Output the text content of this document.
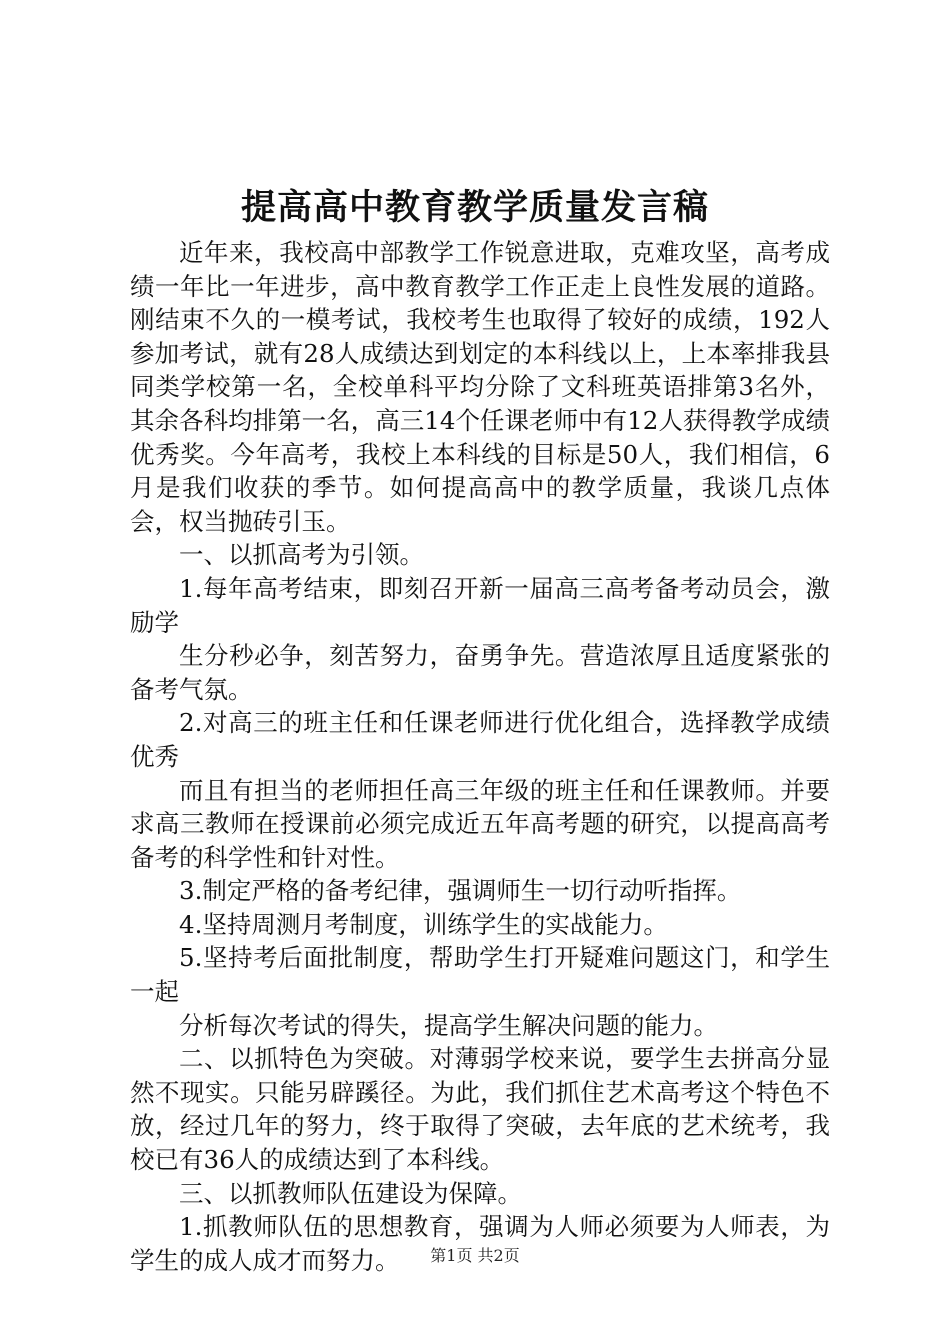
提高高中教育教学质量发言稿

近年来，我校高中部教学工作锐意进取，克难攻坚，高考成绩一年比一年进步，高中教育教学工作正走上良性发展的道路。刚结束不久的一模考试，我校考生也取得了较好的成绩，192人参加考试，就有28人成绩达到划定的本科线以上，上本率排我县同类学校第一名，全校单科平均分除了文科班英语排第3名外，其余各科均排第一名，高三14个任课老师中有12人获得教学成绩优秀奖。今年高考，我校上本科线的目标是50人，我们相信，6月是我们收获的季节。如何提高高中的教学质量，我谈几点体会，权当抛砖引玉。

一、以抓高考为引领。

1.每年高考结束，即刻召开新一届高三高考备考动员会，激励学

生分秒必争，刻苦努力，奋勇争先。营造浓厚且适度紧张的备考气氛。

2.对高三的班主任和任课老师进行优化组合，选择教学成绩优秀

而且有担当的老师担任高三年级的班主任和任课教师。并要求高三教师在授课前必须完成近五年高考题的研究，以提高高考备考的科学性和针对性。

3.制定严格的备考纪律，强调师生一切行动听指挥。

4.坚持周测月考制度，训练学生的实战能力。

5.坚持考后面批制度，帮助学生打开疑难问题这门，和学生一起

分析每次考试的得失，提高学生解决问题的能力。

二、以抓特色为突破。对薄弱学校来说，要学生去拼高分显然不现实。只能另辟蹊径。为此，我们抓住艺术高考这个特色不放，经过几年的努力，终于取得了突破，去年底的艺术统考，我校已有36人的成绩达到了本科线。

三、以抓教师队伍建设为保障。

1.抓教师队伍的思想教育，强调为人师必须要为人师表，为学生的成人成才而努力。	第1页 共2页
